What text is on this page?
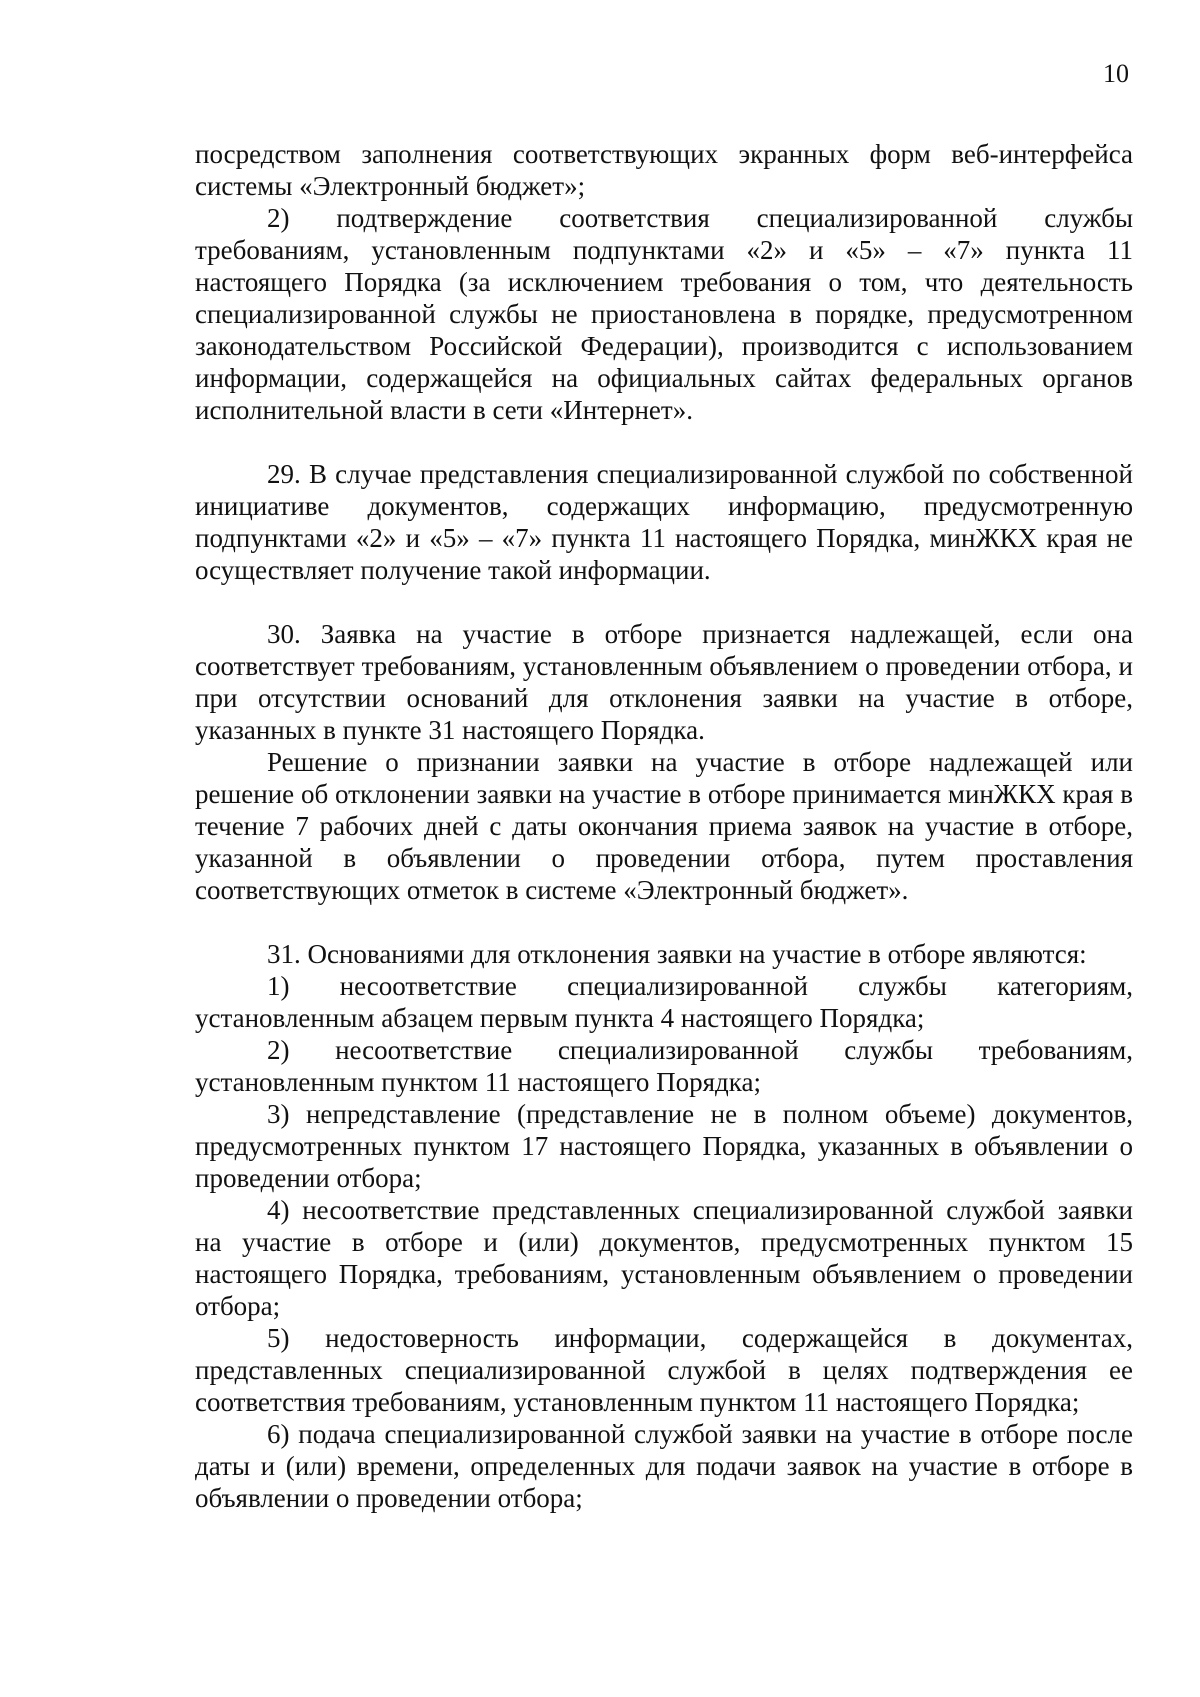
10

посредством заполнения соответствующих экранных форм веб-интерфейса системы «Электронный бюджет»;

2) подтверждение соответствия специализированной службы требованиям, установленным подпунктами «2» и «5» – «7» пункта 11 настоящего Порядка (за исключением требования о том, что деятельность специализированной службы не приостановлена в порядке, предусмотренном законодательством Российской Федерации), производится с использованием информации, содержащейся на официальных сайтах федеральных органов исполнительной власти в сети «Интернет».

29. В случае представления специализированной службой по собственной инициативе документов, содержащих информацию, предусмотренную подпунктами «2» и «5» – «7» пункта 11 настоящего Порядка, минЖКХ края не осуществляет получение такой информации.

30. Заявка на участие в отборе признается надлежащей, если она соответствует требованиям, установленным объявлением о проведении отбора, и при отсутствии оснований для отклонения заявки на участие в отборе, указанных в пункте 31 настоящего Порядка.

Решение о признании заявки на участие в отборе надлежащей или решение об отклонении заявки на участие в отборе принимается минЖКХ края в течение 7 рабочих дней с даты окончания приема заявок на участие в отборе, указанной в объявлении о проведении отбора, путем проставления соответствующих отметок в системе «Электронный бюджет».

31. Основаниями для отклонения заявки на участие в отборе являются:

1) несоответствие специализированной службы категориям, установленным абзацем первым пункта 4 настоящего Порядка;

2) несоответствие специализированной службы требованиям, установленным пунктом 11 настоящего Порядка;

3) непредставление (представление не в полном объеме) документов, предусмотренных пунктом 17 настоящего Порядка, указанных в объявлении о проведении отбора;

4) несоответствие представленных специализированной службой заявки на участие в отборе и (или) документов, предусмотренных пунктом 15 настоящего Порядка, требованиям, установленным объявлением о проведении отбора;

5) недостоверность информации, содержащейся в документах, представленных специализированной службой в целях подтверждения ее соответствия требованиям, установленным пунктом 11 настоящего Порядка;

6) подача специализированной службой заявки на участие в отборе после даты и (или) времени, определенных для подачи заявок на участие в отборе в объявлении о проведении отбора;
